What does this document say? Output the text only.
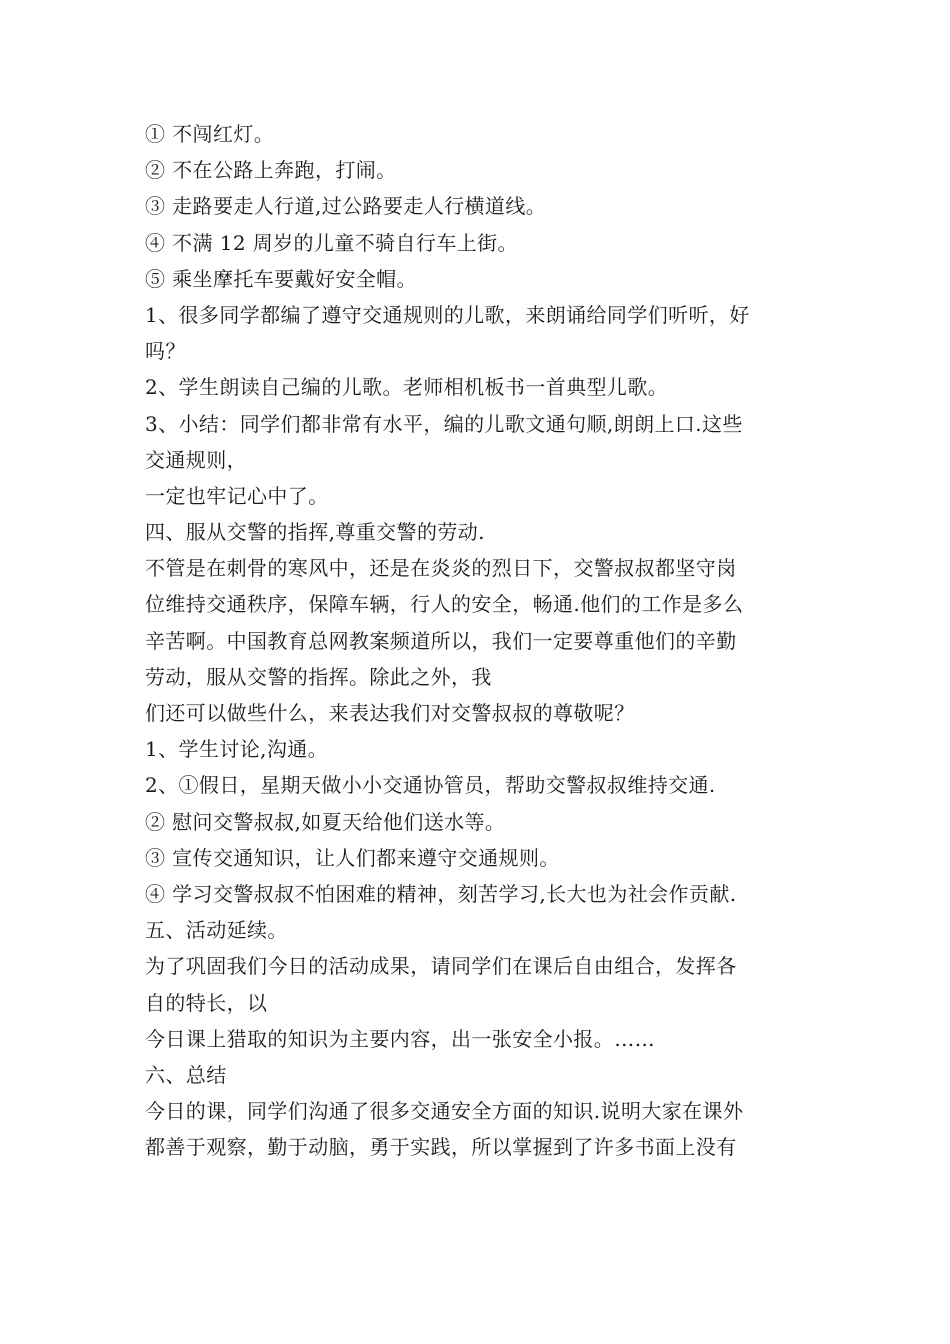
① 不闯红灯。
② 不在公路上奔跑，打闹。
③ 走路要走人行道,过公路要走人行横道线。
④ 不满 12 周岁的儿童不骑自行车上街。
⑤ 乘坐摩托车要戴好安全帽。
1、很多同学都编了遵守交通规则的儿歌，来朗诵给同学们听听，好
吗？
2、学生朗读自己编的儿歌。老师相机板书一首典型儿歌。
3、小结：同学们都非常有水平，编的儿歌文通句顺,朗朗上口.这些
交通规则，
一定也牢记心中了。
四、服从交警的指挥,尊重交警的劳动.
不管是在刺骨的寒风中，还是在炎炎的烈日下，交警叔叔都坚守岗
位维持交通秩序，保障车辆，行人的安全，畅通.他们的工作是多么
辛苦啊。中国教育总网教案频道所以，我们一定要尊重他们的辛勤
劳动，服从交警的指挥。除此之外，我
们还可以做些什么，来表达我们对交警叔叔的尊敬呢？
1、学生讨论,沟通。
2、①假日，星期天做小小交通协管员，帮助交警叔叔维持交通.
② 慰问交警叔叔,如夏天给他们送水等。
③ 宣传交通知识，让人们都来遵守交通规则。
④ 学习交警叔叔不怕困难的精神，刻苦学习,长大也为社会作贡献.
五、活动延续。
为了巩固我们今日的活动成果，请同学们在课后自由组合，发挥各
自的特长，以
今日课上猎取的知识为主要内容，出一张安全小报。……
六、总结
今日的课，同学们沟通了很多交通安全方面的知识.说明大家在课外
都善于观察，勤于动脑，勇于实践，所以掌握到了许多书面上没有
